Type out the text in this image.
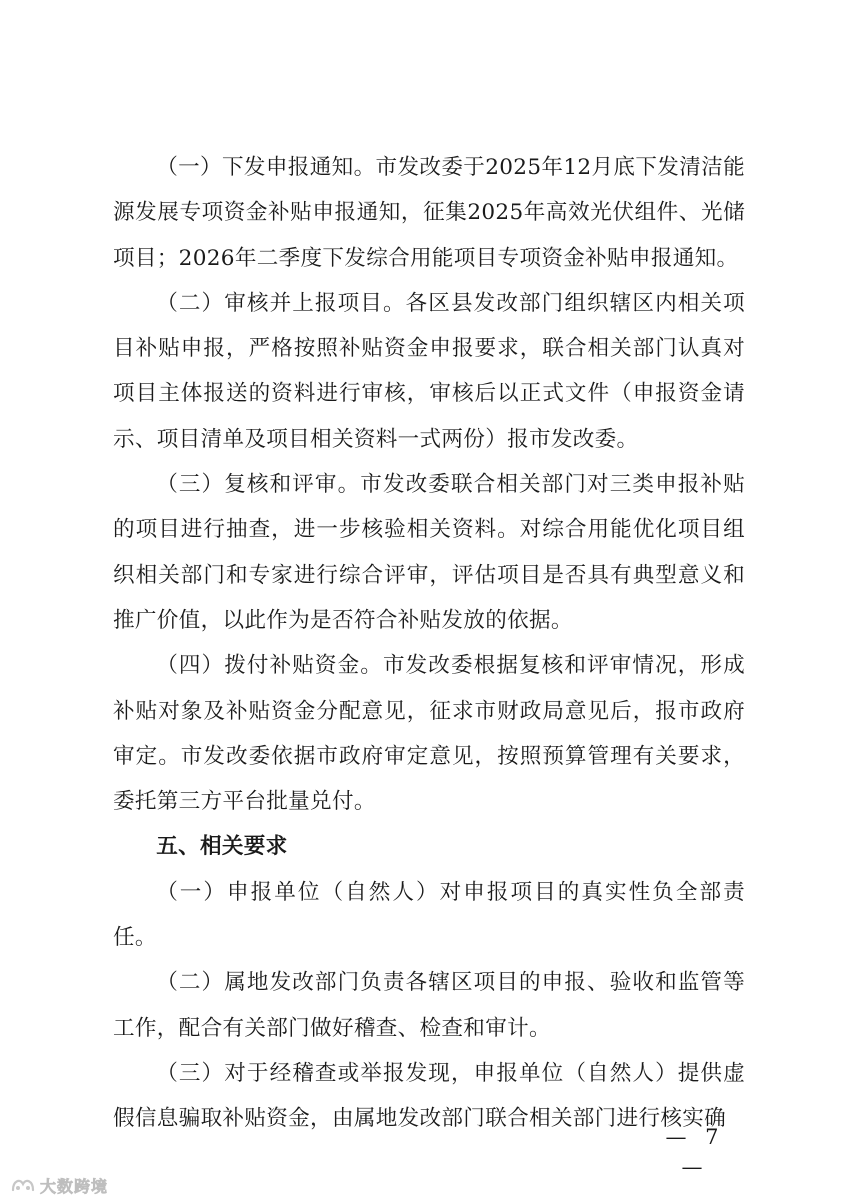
（一）下发申报通知。市发改委于2025年12月底下发清洁能源发展专项资金补贴申报通知，征集2025年高效光伏组件、光储项目；2026年二季度下发综合用能项目专项资金补贴申报通知。

（二）审核并上报项目。各区县发改部门组织辖区内相关项目补贴申报，严格按照补贴资金申报要求，联合相关部门认真对项目主体报送的资料进行审核，审核后以正式文件（申报资金请示、项目清单及项目相关资料一式两份）报市发改委。

（三）复核和评审。市发改委联合相关部门对三类申报补贴的项目进行抽查，进一步核验相关资料。对综合用能优化项目组织相关部门和专家进行综合评审，评估项目是否具有典型意义和推广价值，以此作为是否符合补贴发放的依据。

（四）拨付补贴资金。市发改委根据复核和评审情况，形成补贴对象及补贴资金分配意见，征求市财政局意见后，报市政府审定。市发改委依据市政府审定意见，按照预算管理有关要求，委托第三方平台批量兑付。

五、相关要求

（一）申报单位（自然人）对申报项目的真实性负全部责任。

（二）属地发改部门负责各辖区项目的申报、验收和监管等工作，配合有关部门做好稽查、检查和审计。

（三）对于经稽查或举报发现，申报单位（自然人）提供虚假信息骗取补贴资金，由属地发改部门联合相关部门进行核实确

— 7 —
大数跨境
